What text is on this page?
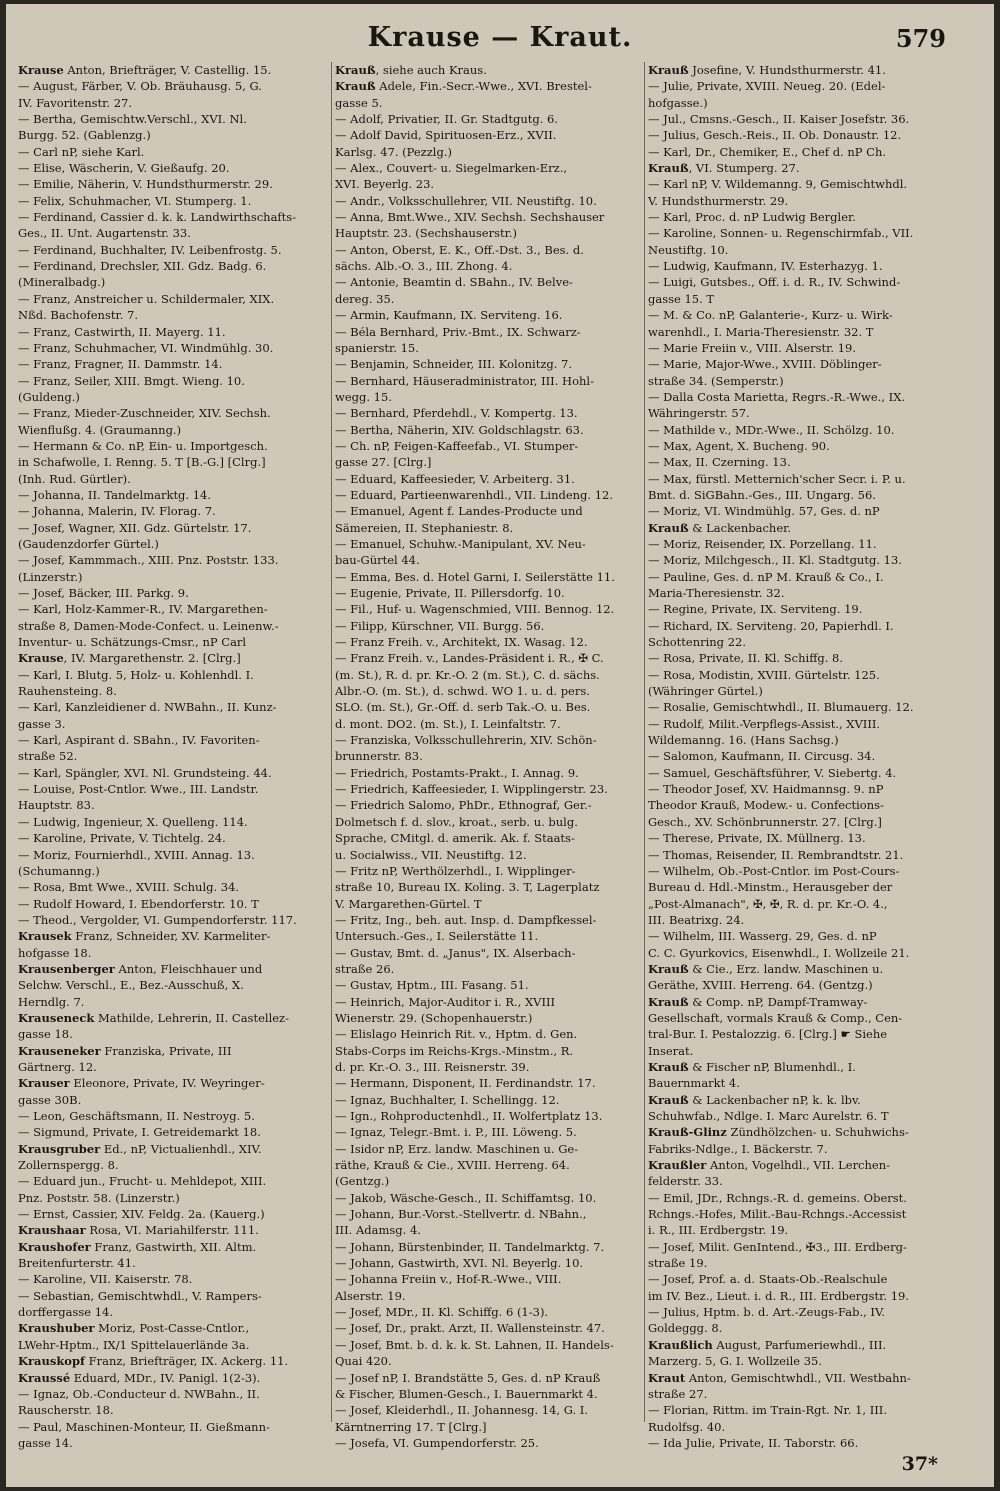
Krause — Kraut.	579
Krause Anton, Briefträger, V. Castellig. 15.
— August, Färber, V. Ob. Bräuhausg. 5, G.
IV. Favoritenstr. 27.
— Bertha, Gemischtw.Verschl., XVI. Nl.
Burgg. 52. (Gablenzg.)
— Carl nP, siehe Karl.
— Elise, Wäscherin, V. Gießaufg. 20.
— Emilie, Näherin, V. Hundsthurmerstr. 29.
— Felix, Schuhmacher, VI. Stumperg. 1.
— Ferdinand, Cassier d. k. k. Landwirthschafts-
Ges., II. Unt. Augartenstr. 33.
— Ferdinand, Buchhalter, IV. Leibenfrostg. 5.
— Ferdinand, Drechsler, XII. Gdz. Badg. 6.
(Mineralbadg.)
— Franz, Anstreicher u. Schildermaler, XIX.
Nßd. Bachofenstr. 7.
— Franz, Castwirth, II. Mayerg. 11.
— Franz, Schuhmacher, VI. Windmühlg. 30.
— Franz, Fragner, II. Dammstr. 14.
— Franz, Seiler, XIII. Bmgt. Wieng. 10.
(Guldeng.)
— Franz, Mieder-Zuschneider, XIV. Sechsh.
Wienflußg. 4. (Graumanng.)
— Hermann & Co. nP, Ein- u. Importgesch.
in Schafwolle, I. Renng. 5. T [B.-G.] [Clrg.]
(Inh. Rud. Gürtler).
— Johanna, II. Tandelmarktg. 14.
— Johanna, Malerin, IV. Florag. 7.
— Josef, Wagner, XII. Gdz. Gürtelstr. 17.
(Gaudenzdorfer Gürtel.)
— Josef, Kammmach., XIII. Pnz. Poststr. 133.
(Linzerstr.)
— Josef, Bäcker, III. Parkg. 9.
— Karl, Holz-Kammer-R., IV. Margarethen-
straße 8, Damen-Mode-Confect. u. Leinenw.-
Inventur- u. Schätzungs-Cmsr., nP Carl
Krause, IV. Margarethenstr. 2. [Clrg.]
— Karl, I. Blutg. 5, Holz- u. Kohlenhdl. I.
Rauhensteing. 8.
— Karl, Kanzleidiener d. NWBahn., II. Kunz-
gasse 3.
— Karl, Aspirant d. SBahn., IV. Favoriten-
straße 52.
— Karl, Spängler, XVI. Nl. Grundsteing. 44.
— Louise, Post-Cntlor. Wwe., III. Landstr.
Hauptstr. 83.
— Ludwig, Ingenieur, X. Quelleng. 114.
— Karoline, Private, V. Tichtelg. 24.
— Moriz, Fournierhdl., XVIII. Annag. 13.
(Schumanng.)
— Rosa, Bmt Wwe., XVIII. Schulg. 34.
— Rudolf Howard, I. Ebendorferstr. 10. T
— Theod., Vergolder, VI. Gumpendorferstr. 117.
Krausek Franz, Schneider, XV. Karmeliter-
hofgasse 18.
Krausenberger Anton, Fleischhauer und
Selchw. Verschl., E., Bez.-Ausschuß, X.
Herndlg. 7.
Krauseneck Mathilde, Lehrerin, II. Castellez-
gasse 18.
Krauseneker Franziska, Private, III
Gärtnerg. 12.
Krauser Eleonore, Private, IV. Weyringer-
gasse 30B.
— Leon, Geschäftsmann, II. Nestroyg. 5.
— Sigmund, Private, I. Getreidemarkt 18.
Krausgruber Ed., nP, Victualienhdl., XIV.
Zollernspergg. 8.
— Eduard jun., Frucht- u. Mehldepot, XIII.
Pnz. Poststr. 58. (Linzerstr.)
— Ernst, Cassier, XIV. Feldg. 2a. (Kauerg.)
Kraushaar Rosa, VI. Mariahilferstr. 111.
Kraushofer Franz, Gastwirth, XII. Altm.
Breitenfurterstr. 41.
— Karoline, VII. Kaiserstr. 78.
— Sebastian, Gemischtwhdl., V. Rampers-
dorffergasse 14.
Kraushuber Moriz, Post-Casse-Cntlor.,
LWehr-Hptm., IX/1 Spittelauerlände 3a.
Krauskopf Franz, Briefträger, IX. Ackerg. 11.
Kraussé Eduard, MDr., IV. Panigl. 1(2-3).
— Ignaz, Ob.-Conducteur d. NWBahn., II.
Rauscherstr. 18.
— Paul, Maschinen-Monteur, II. Gießmann-
gasse 14.
Krauß, siehe auch Kraus.
Krauß Adele, Fin.-Secr.-Wwe., XVI. Brestel-
gasse 5.
— Adolf, Privatier, II. Gr. Stadtgutg. 6.
— Adolf David, Spirituosen-Erz., XVII.
Karlsg. 47. (Pezzlg.)
— Alex., Couvert- u. Siegelmarken-Erz.,
XVI. Beyerlg. 23.
— Andr., Volksschullehrer, VII. Neustiftg. 10.
— Anna, Bmt.Wwe., XIV. Sechsh. Sechshauser
Hauptstr. 23. (Sechshauserstr.)
— Anton, Oberst, E. K., Off.-Dst. 3., Bes. d.
sächs. Alb.-O. 3., III. Zhong. 4.
— Antonie, Beamtin d. SBahn., IV. Belve-
dereg. 35.
— Armin, Kaufmann, IX. Serviteng. 16.
— Béla Bernhard, Priv.-Bmt., IX. Schwarz-
spanierstr. 15.
— Benjamin, Schneider, III. Kolonitzg. 7.
— Bernhard, Häuseradministrator, III. Hohl-
wegg. 15.
— Bernhard, Pferdehdl., V. Kompertg. 13.
— Bertha, Näherin, XIV. Goldschlagstr. 63.
— Ch. nP, Feigen-Kaffeefab., VI. Stumper-
gasse 27. [Clrg.]
— Eduard, Kaffeesieder, V. Arbeiterg. 31.
— Eduard, Partieenwarenhdl., VII. Lindeng. 12.
— Emanuel, Agent f. Landes-Producte und
Sämereien, II. Stephaniestr. 8.
— Emanuel, Schuhw.-Manipulant, XV. Neu-
bau-Gürtel 44.
— Emma, Bes. d. Hotel Garni, I. Seilerstätte 11.
— Eugenie, Private, II. Pillersdorfg. 10.
— Fil., Huf- u. Wagenschmied, VIII. Bennog. 12.
— Filipp, Kürschner, VII. Burgg. 56.
— Franz Freih. v., Architekt, IX. Wasag. 12.
— Franz Freih. v., Landes-Präsident i. R., ✠ C.
(m. St.), R. d. pr. Kr.-O. 2 (m. St.), C. d. sächs.
Albr.-O. (m. St.), d. schwd. WO 1. u. d. pers.
SLO. (m. St.), Gr.-Off. d. serb Tak.-O. u. Bes.
d. mont. DO2. (m. St.), I. Leinfaltstr. 7.
— Franziska, Volksschullehrerin, XIV. Schön-
brunnerstr. 83.
— Friedrich, Postamts-Prakt., I. Annag. 9.
— Friedrich, Kaffeesieder, I. Wipplingerstr. 23.
— Friedrich Salomo, PhDr., Ethnograf, Ger.-
Dolmetsch f. d. slov., kroat., serb. u. bulg.
Sprache, CMitgl. d. amerik. Ak. f. Staats-
u. Socialwiss., VII. Neustiftg. 12.
— Fritz nP, Werthölzerhdl., I. Wipplinger-
straße 10, Bureau IX. Koling. 3. T, Lagerplatz
V. Margarethen-Gürtel. T
— Fritz, Ing., beh. aut. Insp. d. Dampfkessel-
Untersuch.-Ges., I. Seilerstätte 11.
— Gustav, Bmt. d. „Janus", IX. Alserbach-
straße 26.
— Gustav, Hptm., III. Fasang. 51.
— Heinrich, Major-Auditor i. R., XVIII
Wienerstr. 29. (Schopenhauerstr.)
— Elislago Heinrich Rit. v., Hptm. d. Gen.
Stabs-Corps im Reichs-Krgs.-Minstm., R.
d. pr. Kr.-O. 3., III. Reisnerstr. 39.
— Hermann, Disponent, II. Ferdinandstr. 17.
— Ignaz, Buchhalter, I. Schellingg. 12.
— Ign., Rohproductenhdl., II. Wolfertplatz 13.
— Ignaz, Telegr.-Bmt. i. P., III. Löweng. 5.
— Isidor nP, Erz. landw. Maschinen u. Ge-
räthe, Krauß & Cie., XVIII. Herreng. 64.
(Gentzg.)
— Jakob, Wäsche-Gesch., II. Schiffamtsg. 10.
— Johann, Bur.-Vorst.-Stellvertr. d. NBahn.,
III. Adamsg. 4.
— Johann, Bürstenbinder, II. Tandelmarktg. 7.
— Johann, Gastwirth, XVI. Nl. Beyerlg. 10.
— Johanna Freiin v., Hof-R.-Wwe., VIII.
Alserstr. 19.
— Josef, MDr., II. Kl. Schiffg. 6 (1-3).
— Josef, Dr., prakt. Arzt, II. Wallensteinstr. 47.
— Josef, Bmt. b. d. k. k. St. Lahnen, II. Handels-
Quai 420.
— Josef nP, I. Brandstätte 5, Ges. d. nP Krauß
& Fischer, Blumen-Gesch., I. Bauernmarkt 4.
— Josef, Kleiderhdl., II. Johannesg. 14, G. I.
Kärntnerring 17. T [Clrg.]
— Josefa, VI. Gumpendorferstr. 25.
Krauß Josefine, V. Hundsthurmerstr. 41.
— Julie, Private, XVIII. Neueg. 20. (Edel-
hofgasse.)
— Jul., Cmsns.-Gesch., II. Kaiser Josefstr. 36.
— Julius, Gesch.-Reis., II. Ob. Donaustr. 12.
— Karl, Dr., Chemiker, E., Chef d. nP Ch.
Krauß, VI. Stumperg. 27.
— Karl nP, V. Wildemanng. 9, Gemischtwhdl.
V. Hundsthurmerstr. 29.
— Karl, Proc. d. nP Ludwig Bergler.
— Karoline, Sonnen- u. Regenschirmfab., VII.
Neustiftg. 10.
— Ludwig, Kaufmann, IV. Esterhazyg. 1.
— Luigi, Gutsbes., Off. i. d. R., IV. Schwind-
gasse 15. T
— M. & Co. nP, Galanterie-, Kurz- u. Wirk-
warenhdl., I. Maria-Theresienstr. 32. T
— Marie Freiin v., VIII. Alserstr. 19.
— Marie, Major-Wwe., XVIII. Döblinger-
straße 34. (Semperstr.)
— Dalla Costa Marietta, Regrs.-R.-Wwe., IX.
Währingerstr. 57.
— Mathilde v., MDr.-Wwe., II. Schölzg. 10.
— Max, Agent, X. Bucheng. 90.
— Max, II. Czerning. 13.
— Max, fürstl. Metternich'scher Secr. i. P. u.
Bmt. d. SiGBahn.-Ges., III. Ungarg. 56.
— Moriz, VI. Windmühlg. 57, Ges. d. nP
Krauß & Lackenbacher.
— Moriz, Reisender, IX. Porzellang. 11.
— Moriz, Milchgesch., II. Kl. Stadtgutg. 13.
— Pauline, Ges. d. nP M. Krauß & Co., I.
Maria-Theresienstr. 32.
— Regine, Private, IX. Serviteng. 19.
— Richard, IX. Serviteng. 20, Papierhdl. I.
Schottenring 22.
— Rosa, Private, II. Kl. Schiffg. 8.
— Rosa, Modistin, XVIII. Gürtelstr. 125.
(Währinger Gürtel.)
— Rosalie, Gemischtwhdl., II. Blumauerg. 12.
— Rudolf, Milit.-Verpflegs-Assist., XVIII.
Wildemanng. 16. (Hans Sachsg.)
— Salomon, Kaufmann, II. Circusg. 34.
— Samuel, Geschäftsführer, V. Siebertg. 4.
— Theodor Josef, XV. Haidmannsg. 9. nP
Theodor Krauß, Modew.- u. Confections-
Gesch., XV. Schönbrunnerstr. 27. [Clrg.]
— Therese, Private, IX. Müllnerg. 13.
— Thomas, Reisender, II. Rembrandtstr. 21.
— Wilhelm, Ob.-Post-Cntlor. im Post-Cours-
Bureau d. Hdl.-Minstm., Herausgeber der
„Post-Almanach", ✠, ✠, R. d. pr. Kr.-O. 4.,
III. Beatrixg. 24.
— Wilhelm, III. Wasserg. 29, Ges. d. nP
C. C. Gyurkovics, Eisenwhdl., I. Wollzeile 21.
Krauß & Cie., Erz. landw. Maschinen u.
Geräthe, XVIII. Herreng. 64. (Gentzg.)
Krauß & Comp. nP, Dampf-Tramway-
Gesellschaft, vormals Krauß & Comp., Cen-
tral-Bur. I. Pestalozzig. 6. [Clrg.] ☛ Siehe
Inserat.
Krauß & Fischer nP, Blumenhdl., I.
Bauernmarkt 4.
Krauß & Lackenbacher nP, k. k. lbv.
Schuhwfab., Ndlge. I. Marc Aurelstr. 6. T
Krauß-Glinz Zündhölzchen- u. Schuhwichs-
Fabriks-Ndlge., I. Bäckerstr. 7.
Kraußler Anton, Vogelhdl., VII. Lerchen-
felderstr. 33.
— Emil, JDr., Rchngs.-R. d. gemeins. Oberst.
Rchngs.-Hofes, Milit.-Bau-Rchngs.-Accessist
i. R., III. Erdbergstr. 19.
— Josef, Milit. GenIntend., ✠3., III. Erdberg-
straße 19.
— Josef, Prof. a. d. Staats-Ob.-Realschule
im IV. Bez., Lieut. i. d. R., III. Erdbergstr. 19.
— Julius, Hptm. b. d. Art.-Zeugs-Fab., IV.
Goldeggg. 8.
Kraußlich August, Parfumeriewhdl., III.
Marzerg. 5, G. I. Wollzeile 35.
Kraut Anton, Gemischtwhdl., VII. Westbahn-
straße 27.
— Florian, Rittm. im Train-Rgt. Nr. 1, III.
Rudolfsg. 40.
— Ida Julie, Private, II. Taborstr. 66.
37*
